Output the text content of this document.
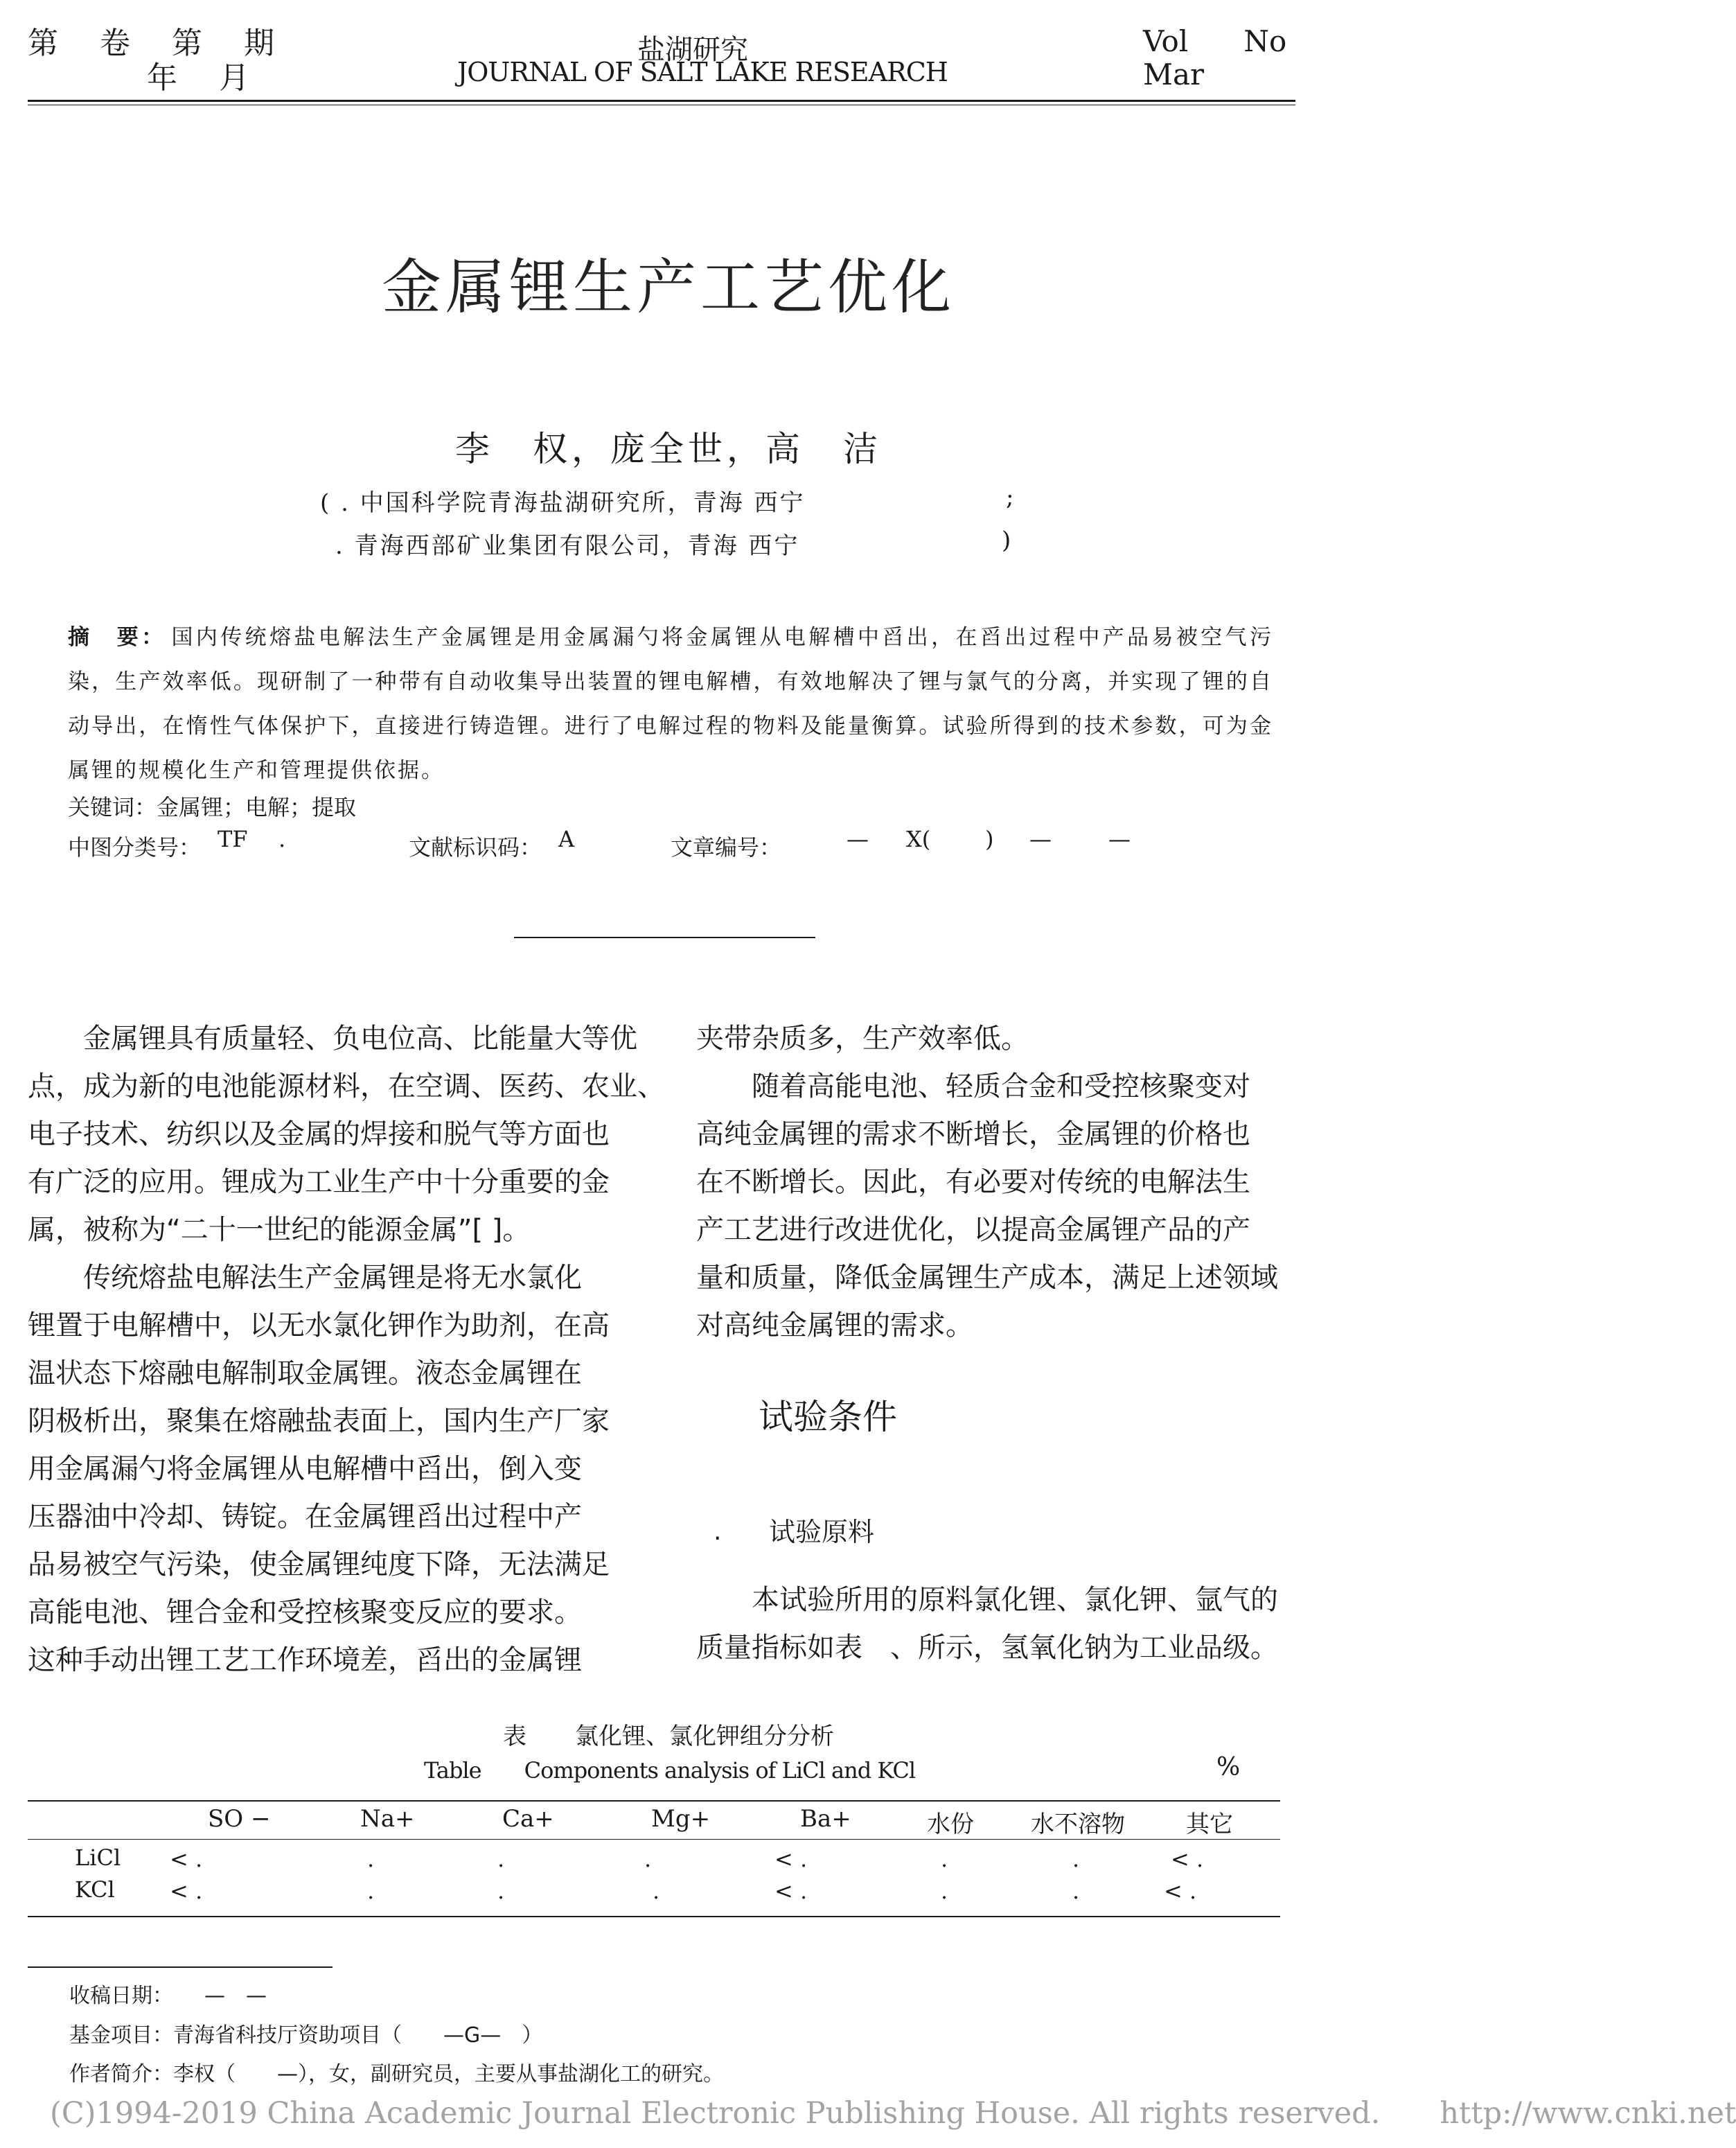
第 卷 第 期
年 月
盐湖研究
JOURNAL OF SALT LAKE RESEARCH
Vol No
Mar
金属锂生产工艺优化
李　权，庞全世，高　洁
( . 中国科学院青海盐湖研究所，青海 西宁	;
. 青海西部矿业集团有限公司，青海 西宁	)
摘　要： 国内传统熔盐电解法生产金属锂是用金属漏勺将金属锂从电解槽中舀出，在舀出过程中产品易被空气污染，生产效率低。现研制了一种带有自动收集导出装置的锂电解槽，有效地解决了锂与氯气的分离，并实现了锂的自动导出，在惰性气体保护下，直接进行铸造锂。进行了电解过程的物料及能量衡算。试验所得到的技术参数，可为金属锂的规模化生产和管理提供依据。
关键词：金属锂；电解；提取
中图分类号： TF .	文献标识码： A	文章编号：	— X( ) —	—
　　金属锂具有质量轻、负电位高、比能量大等优
点，成为新的电池能源材料，在空调、医药、农业、
电子技术、纺织以及金属的焊接和脱气等方面也
有广泛的应用。锂成为工业生产中十分重要的金
属，被称为“二十一世纪的能源金属”[ ]。
　　传统熔盐电解法生产金属锂是将无水氯化
锂置于电解槽中，以无水氯化钾作为助剂，在高
温状态下熔融电解制取金属锂。液态金属锂在
阴极析出，聚集在熔融盐表面上，国内生产厂家
用金属漏勺将金属锂从电解槽中舀出，倒入变
压器油中冷却、铸锭。在金属锂舀出过程中产
品易被空气污染，使金属锂纯度下降，无法满足
高能电池、锂合金和受控核聚变反应的要求。
这种手动出锂工艺工作环境差，舀出的金属锂
夹带杂质多，生产效率低。
　　随着高能电池、轻质合金和受控核聚变对
高纯金属锂的需求不断增长，金属锂的价格也
在不断增长。因此，有必要对传统的电解法生
产工艺进行改进优化，以提高金属锂产品的产
量和质量，降低金属锂生产成本，满足上述领域
对高纯金属锂的需求。
试验条件
. 试验原料
　　本试验所用的原料氯化锂、氯化钾、氩气的
质量指标如表　、所示，氢氧化钠为工业品级。
表 氯化锂、氯化钾组分分析
Table　　Components analysis of LiCl and KCl	%
SO −	Na+	Ca+	Mg+	Ba+	水份 水不溶物	其它
LiCl < .	.	.	.	< .	.	.	< .
KCl < .	.	.	.	< .	.	.	< .
收稿日期：　　—　—
基金项目：青海省科技厅资助项目（　　—G—　）
作者简介：李权（　　—），女，副研究员，主要从事盐湖化工的研究。
(C)1994-2019 China Academic Journal Electronic Publishing House. All rights reserved.　　http://www.cnki.net
